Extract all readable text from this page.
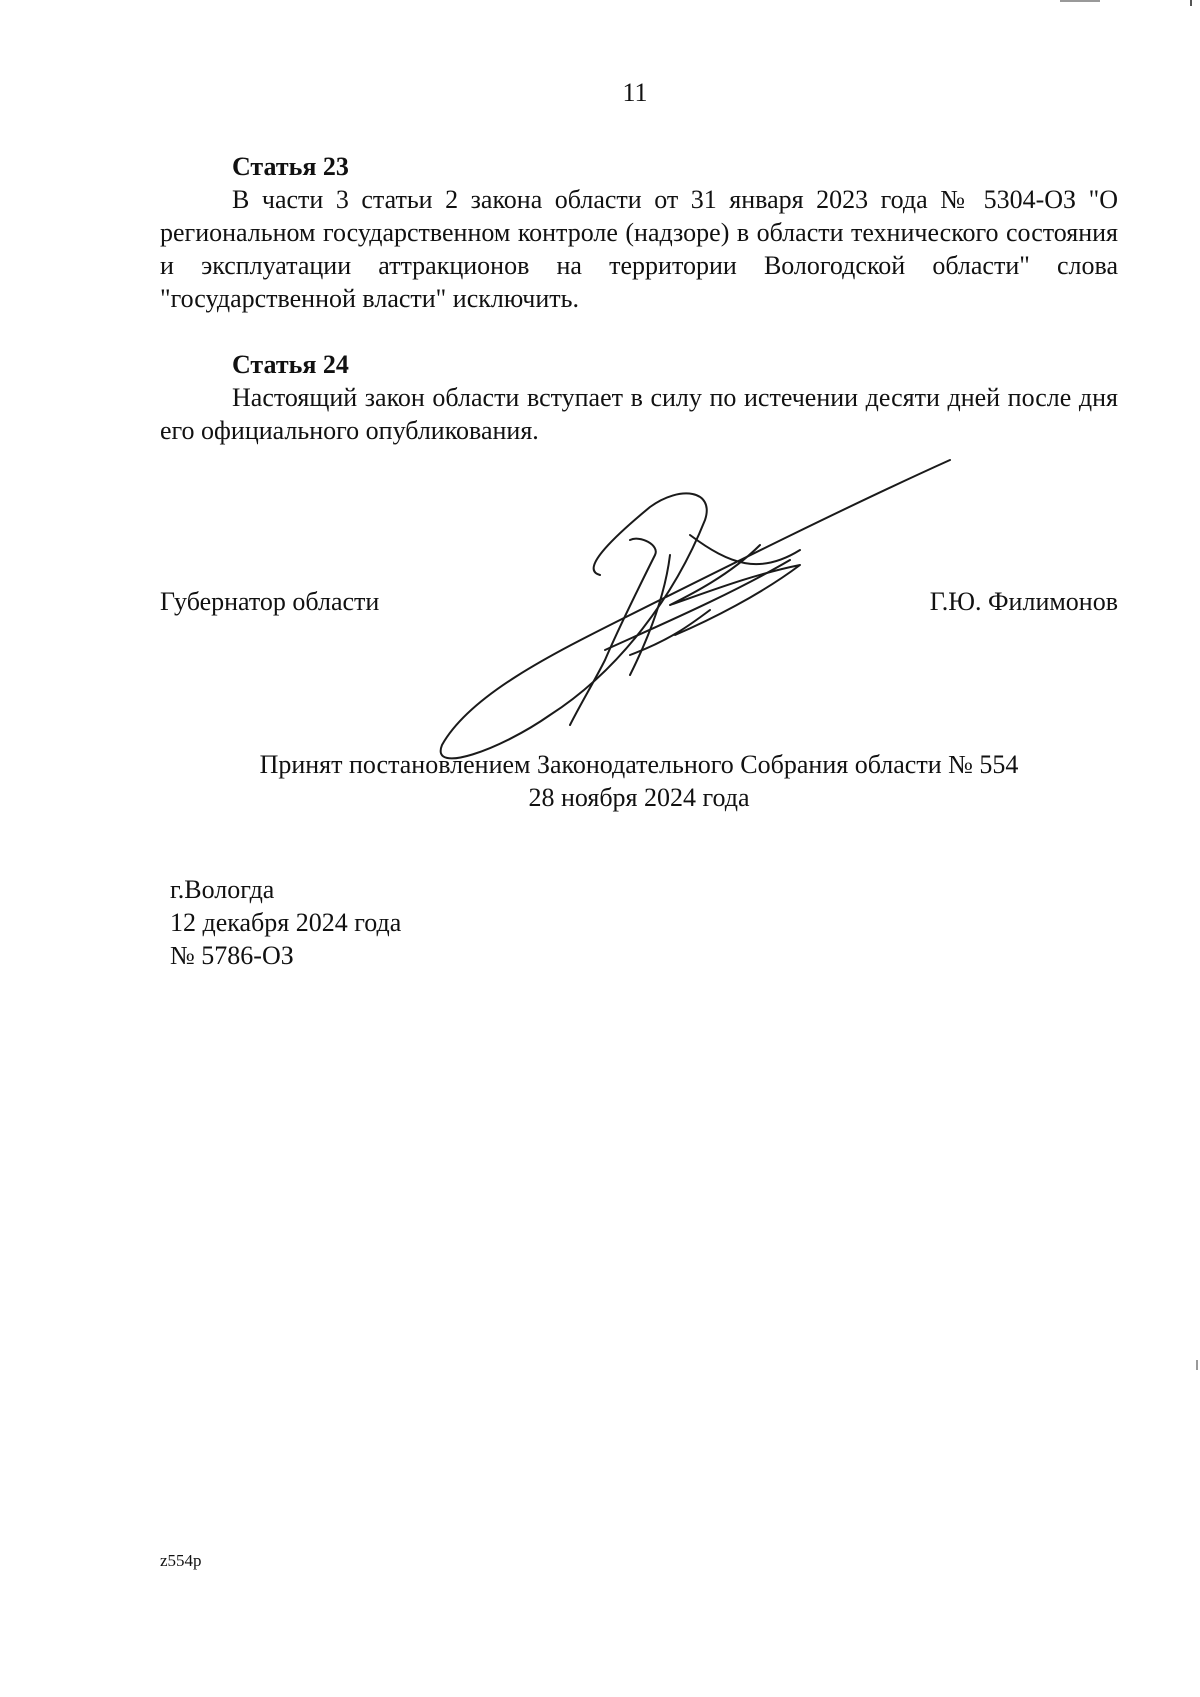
11

Статья 23

В части 3 статьи 2 закона области от 31 января 2023 года № 5304-ОЗ "О региональном государственном контроле (надзоре) в области технического состояния и эксплуатации аттракционов на территории Вологодской области" слова "государственной власти" исключить.

Статья 24

Настоящий закон области вступает в силу по истечении десяти дней после дня его официального опубликования.

Губернатор области	Г.Ю. Филимонов

Принят постановлением Законодательного Собрания области № 554

28 ноября 2024 года

г.Вологда

12 декабря 2024 года

№ 5786-ОЗ

z554p
